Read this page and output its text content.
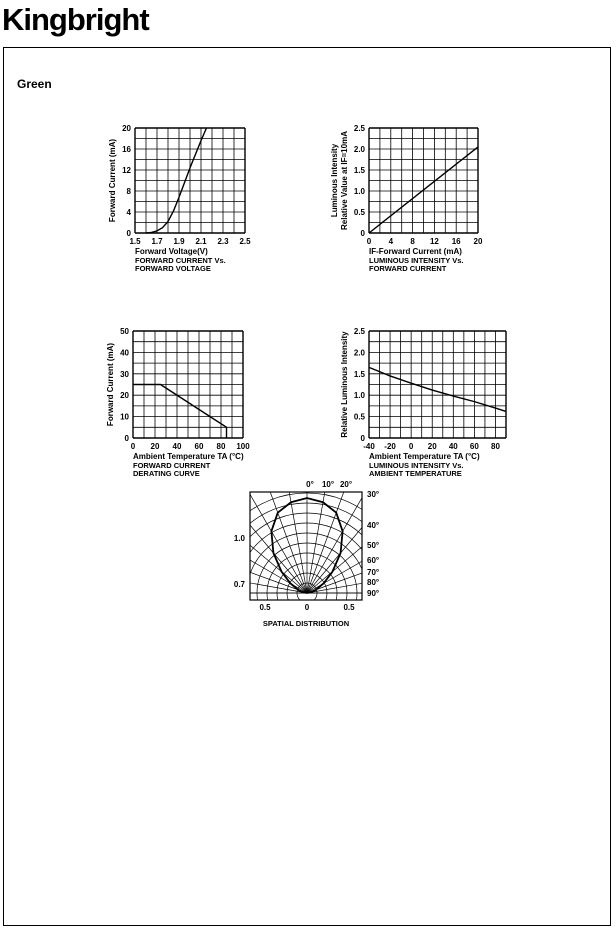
Kingbright
Green
1.5 1.7 1.9 2.1 2.3 2.5
0
4
8
12
16
20
Forward Voltage(V)
FORWARD CURRENT Vs.
FORWARD VOLTAGE
Forward Current (mA)
0 4 8 12 16 20
0
0.5
1.0
1.5
2.0
2.5
IF-Forward Current (mA)
LUMINOUS INTENSITY Vs.
FORWARD CURRENT
Luminous Intensity Relative Value at IF=10mA
0 20 40 60 80 100
0
10
20
30
40
50
Ambient Temperature TA (°C)
FORWARD CURRENT
DERATING CURVE
Forward Current (mA)
-40 -20 0 20 40 60 80
0
0.5
1.0
1.5
2.0
2.5
Ambient Temperature TA (°C)
LUMINOUS INTENSITY Vs.
AMBIENT TEMPERATURE
Relative Luminous Intensity
0° 10° 20°
30°
40°
50°
60°
70°
80°
90°
1.0
0.7
0.5	0	0.5
SPATIAL DISTRIBUTION
